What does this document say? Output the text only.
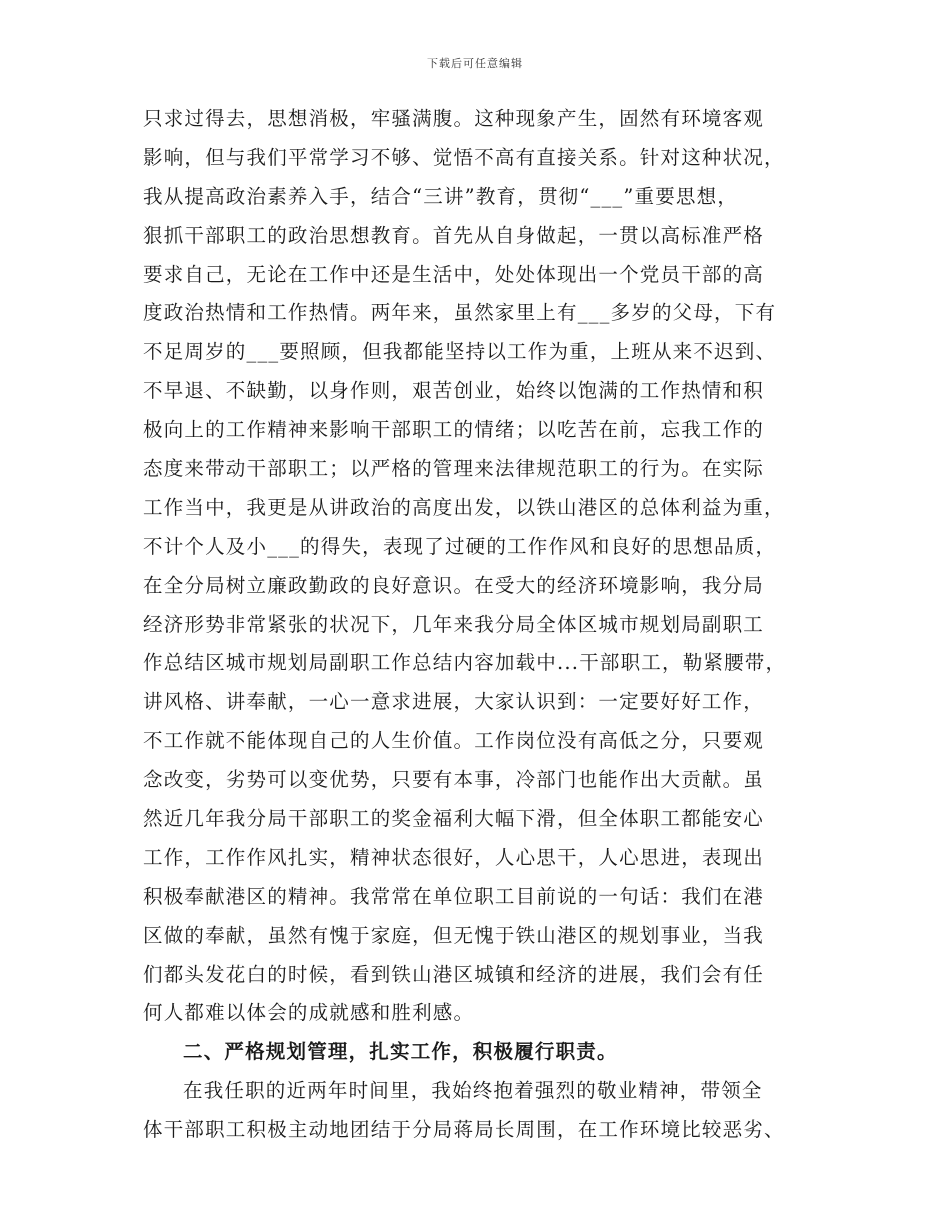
下载后可任意编辑
只求过得去，思想消极，牢骚满腹。这种现象产生，固然有环境客观
影响，但与我们平常学习不够、觉悟不高有直接关系。针对这种状况，
我从提高政治素养入手，结合“三讲”教育，贯彻“___”重要思想，
狠抓干部职工的政治思想教育。首先从自身做起，一贯以高标准严格
要求自己，无论在工作中还是生活中，处处体现出一个党员干部的高
度政治热情和工作热情。两年来，虽然家里上有___多岁的父母，下有
不足周岁的___要照顾，但我都能坚持以工作为重，上班从来不迟到、
不早退、不缺勤，以身作则，艰苦创业，始终以饱满的工作热情和积
极向上的工作精神来影响干部职工的情绪；以吃苦在前，忘我工作的
态度来带动干部职工；以严格的管理来法律规范职工的行为。在实际
工作当中，我更是从讲政治的高度出发，以铁山港区的总体利益为重，
不计个人及小___的得失，表现了过硬的工作作风和良好的思想品质，
在全分局树立廉政勤政的良好意识。在受大的经济环境影响，我分局
经济形势非常紧张的状况下，几年来我分局全体区城市规划局副职工
作总结区城市规划局副职工作总结内容加载中...干部职工，勒紧腰带，
讲风格、讲奉献，一心一意求进展，大家认识到：一定要好好工作，
不工作就不能体现自己的人生价值。工作岗位没有高低之分，只要观
念改变，劣势可以变优势，只要有本事，冷部门也能作出大贡献。虽
然近几年我分局干部职工的奖金福利大幅下滑，但全体职工都能安心
工作，工作作风扎实，精神状态很好，人心思干，人心思进，表现出
积极奉献港区的精神。我常常在单位职工目前说的一句话：我们在港
区做的奉献，虽然有愧于家庭，但无愧于铁山港区的规划事业，当我
们都头发花白的时候，看到铁山港区城镇和经济的进展，我们会有任
何人都难以体会的成就感和胜利感。
二、严格规划管理，扎实工作，积极履行职责。
在我任职的近两年时间里，我始终抱着强烈的敬业精神，带领全
体干部职工积极主动地团结于分局蒋局长周围，在工作环境比较恶劣、
